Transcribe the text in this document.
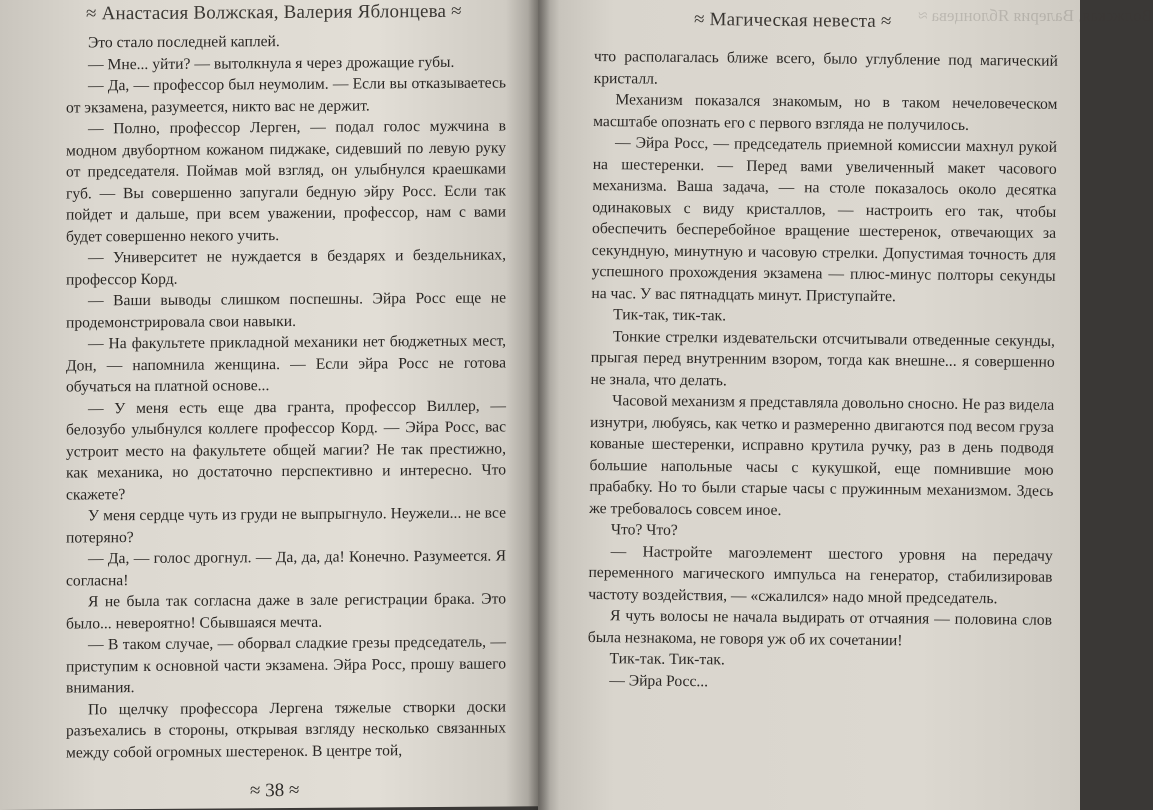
≈ Анастасия Волжская, Валерия Яблонцева ≈

Это стало последней каплей.

— Мне... уйти? — вытолкнула я через дрожащие губы.

— Да, — профессор был неумолим. — Если вы отказываетесь от экзамена, разумеется, никто вас не держит.

— Полно, профессор Лерген, — подал голос мужчина в модном двубортном кожаном пиджаке, сидевший по левую руку от председателя. Поймав мой взгляд, он улыбнулся краешками губ. — Вы совершенно запугали бедную эйру Росс. Если так пойдет и дальше, при всем уважении, профессор, нам с вами будет совершенно некого учить.

— Университет не нуждается в бездарях и бездельниках, профессор Корд.

— Ваши выводы слишком поспешны. Эйра Росс еще не продемонстрировала свои навыки.

— На факультете прикладной механики нет бюджетных мест, Дон, — напомнила женщина. — Если эйра Росс не готова обучаться на платной основе...

— У меня есть еще два гранта, профессор Виллер, — белозубо улыбнулся коллеге профессор Корд. — Эйра Росс, вас устроит место на факультете общей магии? Не так престижно, как механика, но достаточно перспективно и интересно. Что скажете?

У меня сердце чуть из груди не выпрыгнуло. Неужели... не все потеряно?

— Да, — голос дрогнул. — Да, да, да! Конечно. Разумеется. Я согласна!

Я не была так согласна даже в зале регистрации брака. Это было... невероятно! Сбывшаяся мечта.

— В таком случае, — оборвал сладкие грезы председатель, — приступим к основной части экзамена. Эйра Росс, прошу вашего внимания.

По щелчку профессора Лергена тяжелые створки доски разъехались в стороны, открывая взгляду несколько связанных между собой огромных шестеренок. В центре той,

≈ 38 ≈
Волжская, Валерия Яблонцева ≈
≈ Магическая невеста ≈

что располагалась ближе всего, было углубление под магический кристалл.

Механизм показался знакомым, но в таком нечеловеческом масштабе опознать его с первого взгляда не получилось.

— Эйра Росс, — председатель приемной комиссии махнул рукой на шестеренки. — Перед вами увеличенный макет часового механизма. Ваша задача, — на столе показалось около десятка одинаковых с виду кристаллов, — настроить его так, чтобы обеспечить бесперебойное вращение шестеренок, отвечающих за секундную, минутную и часовую стрелки. Допустимая точность для успешного прохождения экзамена — плюс-минус полторы секунды на час. У вас пятнадцать минут. Приступайте.

Тик-так, тик-так.

Тонкие стрелки издевательски отсчитывали отведенные секунды, прыгая перед внутренним взором, тогда как внешне... я совершенно не знала, что делать.

Часовой механизм я представляла довольно сносно. Не раз видела изнутри, любуясь, как четко и размеренно двигаются под весом груза кованые шестеренки, исправно крутила ручку, раз в день подводя большие напольные часы с кукушкой, еще помнившие мою прабабку. Но то были старые часы с пружинным механизмом. Здесь же требовалось совсем иное.

Что? Что?

— Настройте магоэлемент шестого уровня на передачу переменного магического импульса на генератор, стабилизировав частоту воздействия, — «сжалился» надо мной председатель.

Я чуть волосы не начала выдирать от отчаяния — половина слов была незнакома, не говоря уж об их сочетании!

Тик-так. Тик-так.

— Эйра Росс...
